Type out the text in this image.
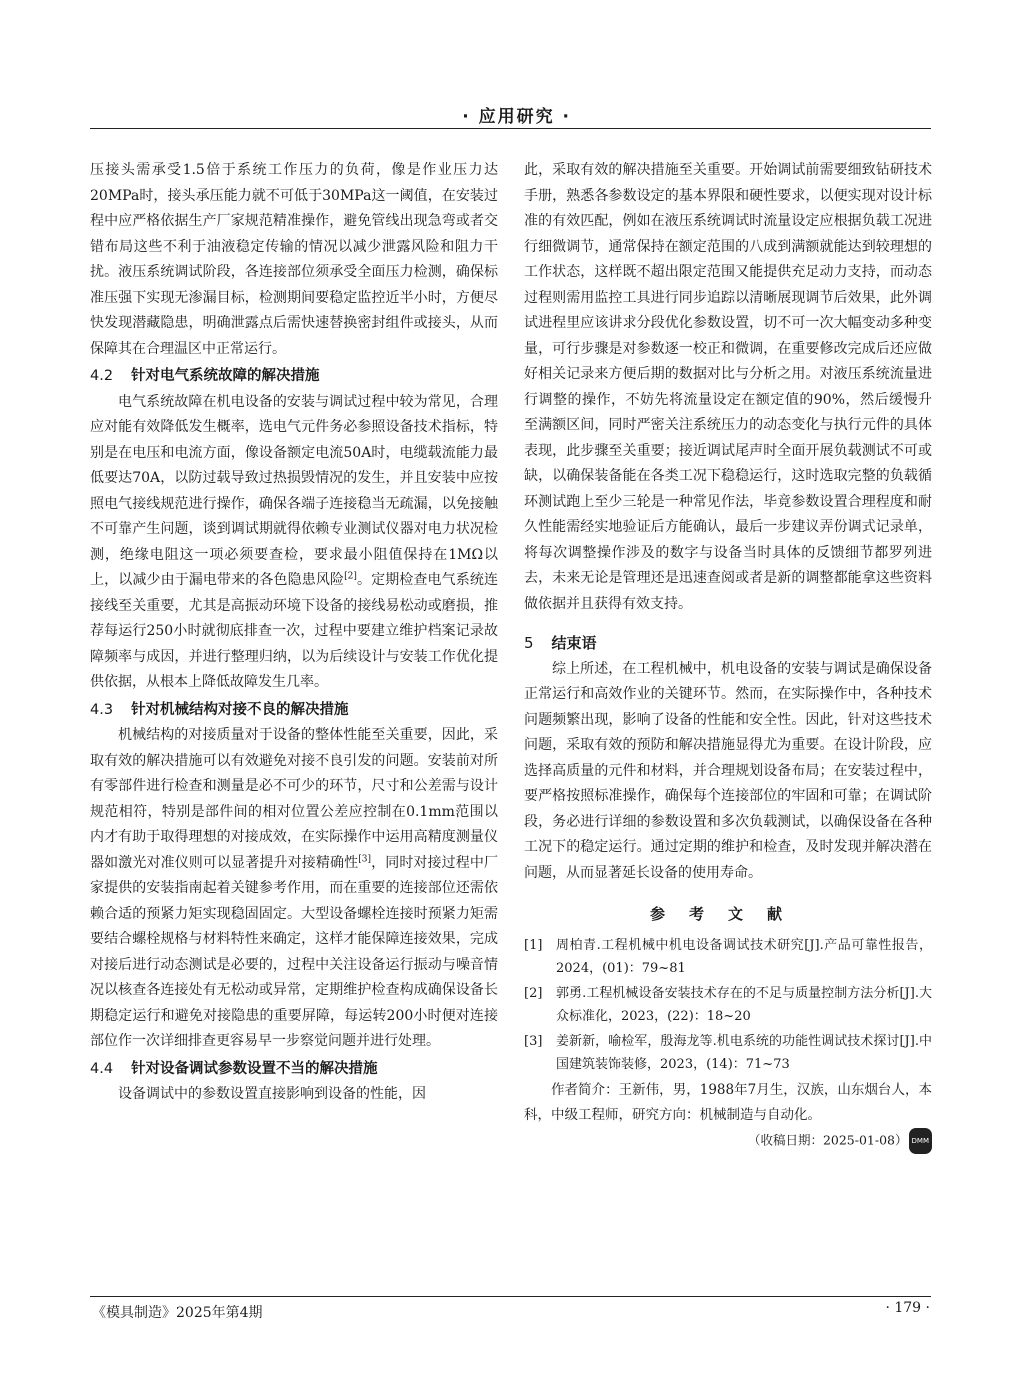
· 应用研究 ·

压接头需承受1.5倍于系统工作压力的负荷，像是作业压力达20MPa时，接头承压能力就不可低于30MPa这一阈值，在安装过程中应严格依据生产厂家规范精准操作，避免管线出现急弯或者交错布局这些不利于油液稳定传输的情况以减少泄露风险和阻力干扰。液压系统调试阶段，各连接部位须承受全面压力检测，确保标准压强下实现无渗漏目标，检测期间要稳定监控近半小时，方便尽快发现潜藏隐患，明确泄露点后需快速替换密封组件或接头，从而保障其在合理温区中正常运行。

4.2 针对电气系统故障的解决措施

电气系统故障在机电设备的安装与调试过程中较为常见，合理应对能有效降低发生概率，选电气元件务必参照设备技术指标，特别是在电压和电流方面，像设备额定电流50A时，电缆载流能力最低要达70A，以防过载导致过热损毁情况的发生，并且安装中应按照电气接线规范进行操作，确保各端子连接稳当无疏漏，以免接触不可靠产生问题，谈到调试期就得依赖专业测试仪器对电力状况检测，绝缘电阻这一项必须要查检，要求最小阻值保持在1MΩ以上，以减少由于漏电带来的各色隐患风险[2]。定期检查电气系统连接线至关重要，尤其是高振动环境下设备的接线易松动或磨损，推荐每运行250小时就彻底排查一次，过程中要建立维护档案记录故障频率与成因，并进行整理归纳，以为后续设计与安装工作优化提供依据，从根本上降低故障发生几率。

4.3 针对机械结构对接不良的解决措施

机械结构的对接质量对于设备的整体性能至关重要，因此，采取有效的解决措施可以有效避免对接不良引发的问题。安装前对所有零部件进行检查和测量是必不可少的环节，尺寸和公差需与设计规范相符，特别是部件间的相对位置公差应控制在0.1mm范围以内才有助于取得理想的对接成效，在实际操作中运用高精度测量仪器如激光对准仪则可以显著提升对接精确性[3]，同时对接过程中厂家提供的安装指南起着关键参考作用，而在重要的连接部位还需依赖合适的预紧力矩实现稳固固定。大型设备螺栓连接时预紧力矩需要结合螺栓规格与材料特性来确定，这样才能保障连接效果，完成对接后进行动态测试是必要的，过程中关注设备运行振动与噪音情况以核查各连接处有无松动或异常，定期维护检查构成确保设备长期稳定运行和避免对接隐患的重要屏障，每运转200小时便对连接部位作一次详细排查更容易早一步察觉问题并进行处理。

4.4 针对设备调试参数设置不当的解决措施

设备调试中的参数设置直接影响到设备的性能，因

此，采取有效的解决措施至关重要。开始调试前需要细致钻研技术手册，熟悉各参数设定的基本界限和硬性要求，以便实现对设计标准的有效匹配，例如在液压系统调试时流量设定应根据负载工况进行细微调节，通常保持在额定范围的八成到满额就能达到较理想的工作状态，这样既不超出限定范围又能提供充足动力支持，而动态过程则需用监控工具进行同步追踪以清晰展现调节后效果，此外调试进程里应该讲求分段优化参数设置，切不可一次大幅变动多种变量，可行步骤是对参数逐一校正和微调，在重要修改完成后还应做好相关记录来方便后期的数据对比与分析之用。对液压系统流量进行调整的操作，不妨先将流量设定在额定值的90%，然后缓慢升至满额区间，同时严密关注系统压力的动态变化与执行元件的具体表现，此步骤至关重要；接近调试尾声时全面开展负载测试不可或缺，以确保装备能在各类工况下稳稳运行，这时选取完整的负载循环测试跑上至少三轮是一种常见作法，毕竟参数设置合理程度和耐久性能需经实地验证后方能确认，最后一步建议弄份调式记录单，将每次调整操作涉及的数字与设备当时具体的反馈细节都罗列进去，未来无论是管理还是迅速查阅或者是新的调整都能拿这些资料做依据并且获得有效支持。

5 结束语

综上所述，在工程机械中，机电设备的安装与调试是确保设备正常运行和高效作业的关键环节。然而，在实际操作中，各种技术问题频繁出现，影响了设备的性能和安全性。因此，针对这些技术问题，采取有效的预防和解决措施显得尤为重要。在设计阶段，应选择高质量的元件和材料，并合理规划设备布局；在安装过程中，要严格按照标准操作，确保每个连接部位的牢固和可靠；在调试阶段，务必进行详细的参数设置和多次负载测试，以确保设备在各种工况下的稳定运行。通过定期的维护和检查，及时发现并解决潜在问题，从而显著延长设备的使用寿命。

参考文献
[1]	周柏青.工程机械中机电设备调试技术研究[J].产品可靠性报告，2024，(01)：79~81
[2]	郭勇.工程机械设备安装技术存在的不足与质量控制方法分析[J].大众标准化，2023，(22)：18~20
[3]	姜新新，喻检军，殷海龙等.机电系统的功能性调试技术探讨[J].中国建筑装饰装修，2023，(14)：71~73
作者简介：王新伟，男，1988年7月生，汉族，山东烟台人，本科，中级工程师，研究方向：机械制造与自动化。
（收稿日期：2025-01-08） DMM
《模具制造》2025年第4期	· 179 ·
